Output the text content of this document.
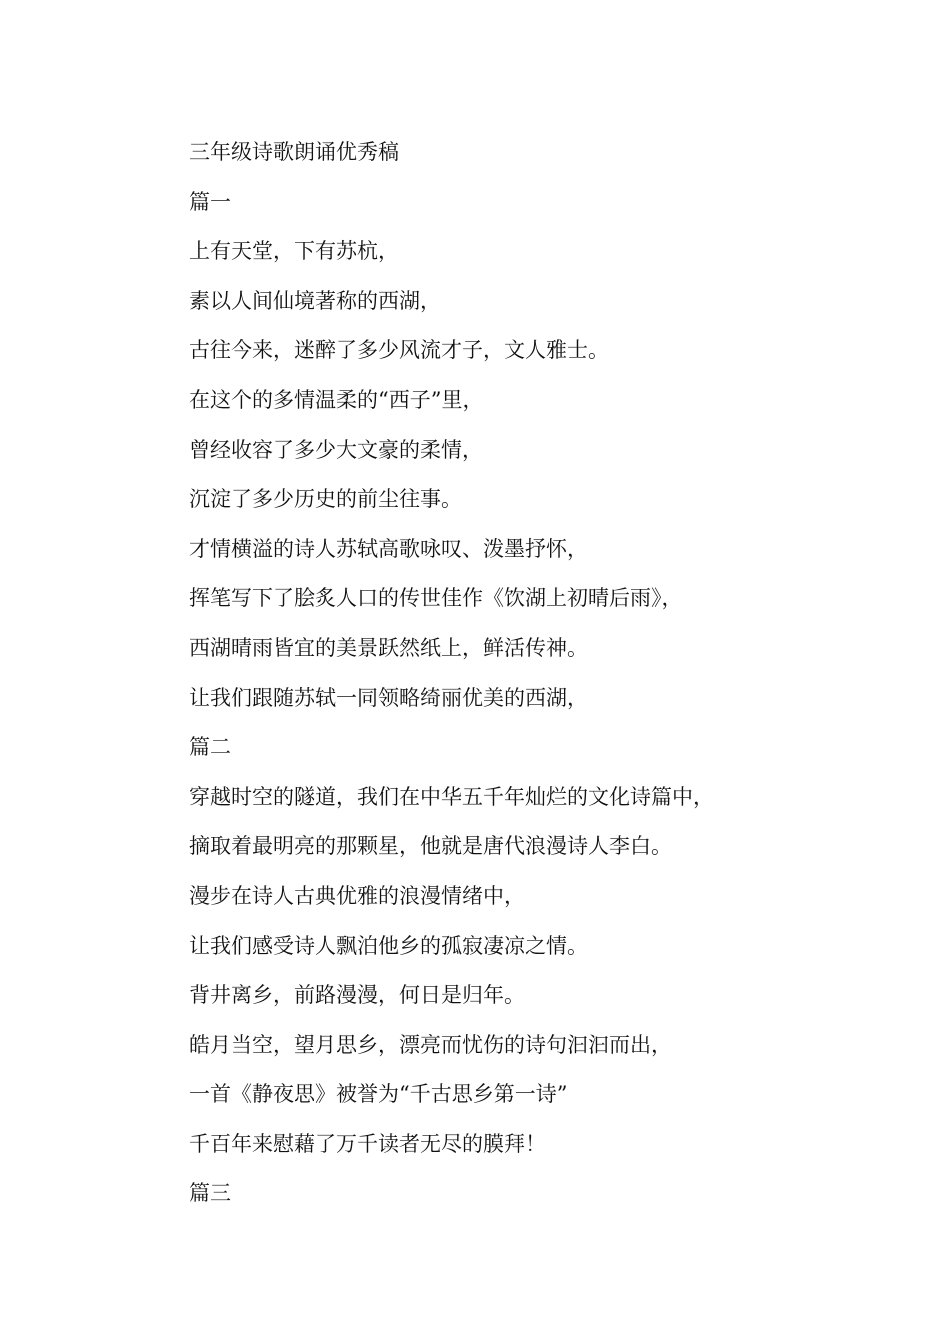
三年级诗歌朗诵优秀稿
篇一
上有天堂，下有苏杭，
素以人间仙境著称的西湖，
古往今来，迷醉了多少风流才子，文人雅士。
在这个的多情温柔的“西子”里，
曾经收容了多少大文豪的柔情，
沉淀了多少历史的前尘往事。
才情横溢的诗人苏轼高歌咏叹、泼墨抒怀，
挥笔写下了脍炙人口的传世佳作《饮湖上初晴后雨》，
西湖晴雨皆宜的美景跃然纸上，鲜活传神。
让我们跟随苏轼一同领略绮丽优美的西湖，
篇二
穿越时空的隧道，我们在中华五千年灿烂的文化诗篇中，
摘取着最明亮的那颗星，他就是唐代浪漫诗人李白。
漫步在诗人古典优雅的浪漫情绪中，
让我们感受诗人飘泊他乡的孤寂凄凉之情。
背井离乡，前路漫漫，何日是归年。
皓月当空，望月思乡，漂亮而忧伤的诗句汩汩而出，
一首《静夜思》被誉为“千古思乡第一诗”
千百年来慰藉了万千读者无尽的膜拜！
篇三
